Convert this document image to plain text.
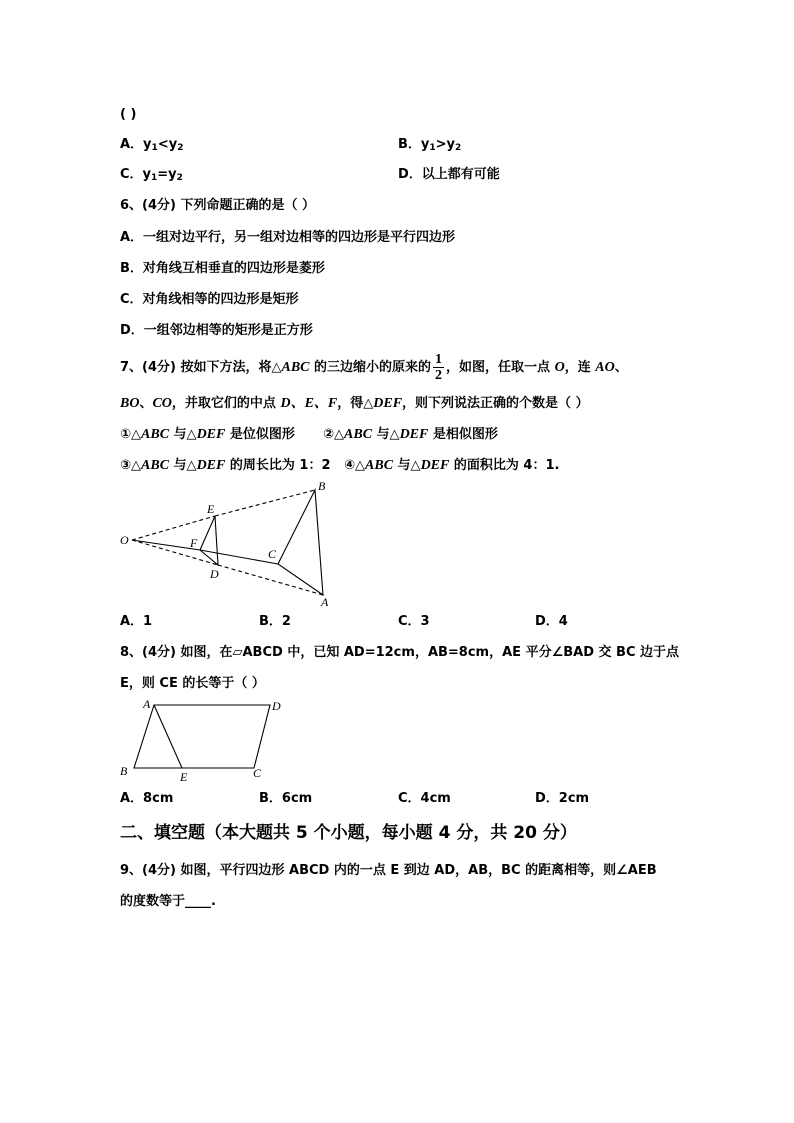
( )
A．$y_1<y_2$	B．$y_1>y_2$
C．$y_1=y_2$	D．以上都有可能
6、(4分) 下列命题正确的是（ ）
A．一组对边平行，另一组对边相等的四边形是平行四边形
B．对角线互相垂直的四边形是菱形
C．对角线相等的四边形是矩形
D．一组邻边相等的矩形是正方形
7、(4分) 按如下方法，将△ABC 的三边缩小的原来的 $\frac{1}{2}$ ，如图，任取一点 O，连 AO、
BO、CO，并取它们的中点 D、E、F，得△DEF，则下列说法正确的个数是（ ）
①△ABC 与△DEF 是位似图形 ②△ABC 与△DEF 是相似图形
③△ABC 与△DEF 的周长比为 1：2 ④△ABC 与△DEF 的面积比为 4：1.
O
E
F
D
C
B
A
A．1	B．2	C．3	D．4
8、(4分) 如图，在▱ABCD 中，已知 AD=12cm，AB=8cm，AE 平分∠BAD 交 BC 边于点
E，则 CE 的长等于（ ）
A	D
B	E	C
A．8cm	B．6cm	C．4cm	D．2cm
二、填空题（本大题共 5 个小题，每小题 4 分，共 20 分）
9、(4分) 如图，平行四边形 ABCD 内的一点 E 到边 AD，AB，BC 的距离相等，则∠AEB
的度数等于____.
